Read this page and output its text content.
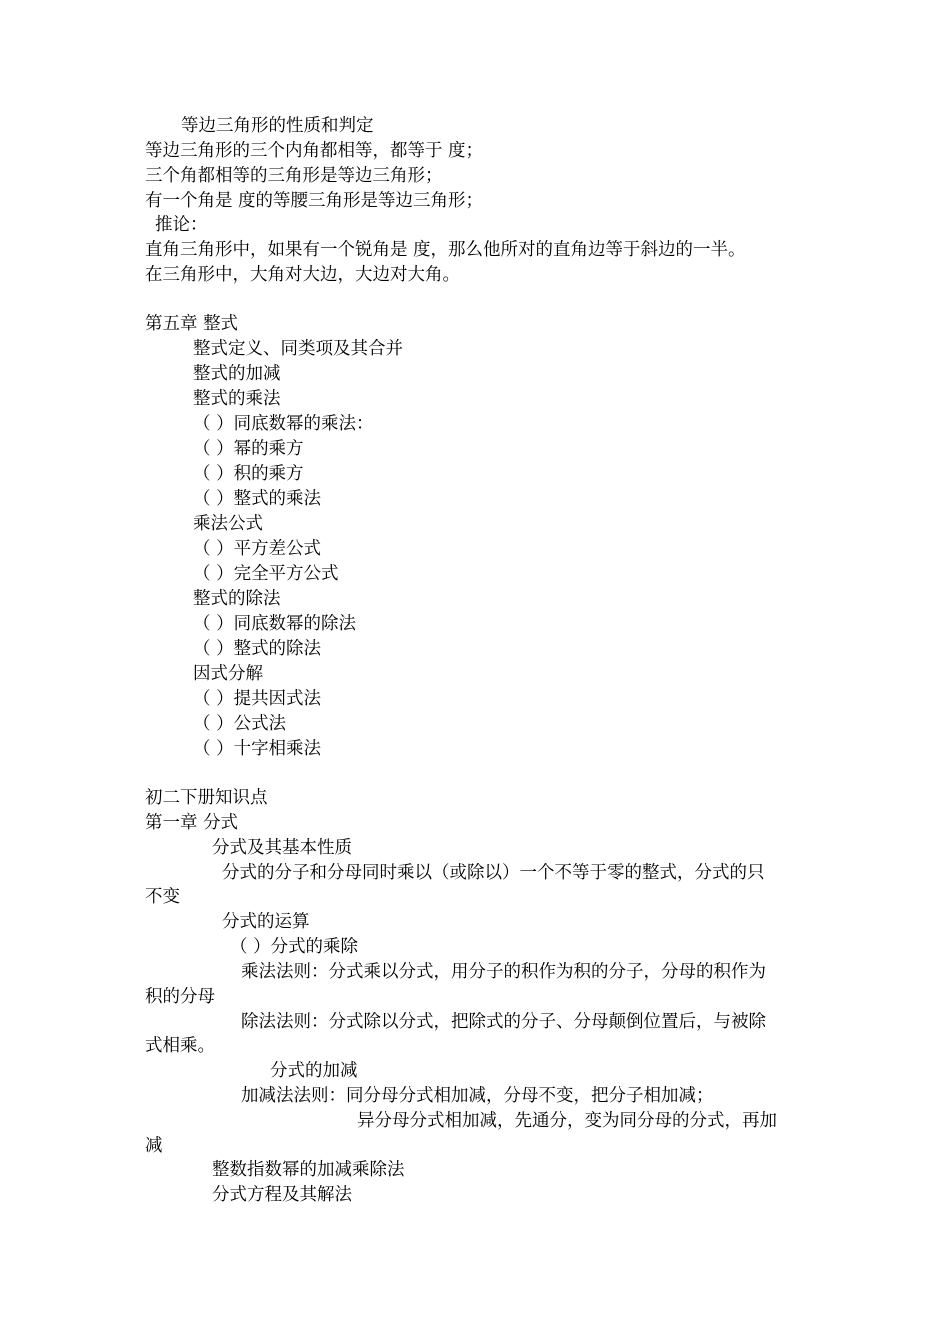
等边三角形的性质和判定
等边三角形的三个内角都相等，都等于 度；
三个角都相等的三角形是等边三角形；
有一个角是 度的等腰三角形是等边三角形；
推论：
直角三角形中，如果有一个锐角是 度，那么他所对的直角边等于斜边的一半。
在三角形中，大角对大边，大边对大角。
第五章 整式
整式定义、同类项及其合并
整式的加减
整式的乘法
（ ）同底数幂的乘法：
（ ）幂的乘方
（ ）积的乘方
（ ）整式的乘法
乘法公式
（ ）平方差公式
（ ）完全平方公式
整式的除法
（ ）同底数幂的除法
（ ）整式的除法
因式分解
（ ）提共因式法
（ ）公式法
（ ）十字相乘法
初二下册知识点
第一章 分式
分式及其基本性质
分式的分子和分母同时乘以（或除以）一个不等于零的整式，分式的只
不变
分式的运算
（ ）分式的乘除
乘法法则：分式乘以分式，用分子的积作为积的分子，分母的积作为
积的分母
除法法则：分式除以分式，把除式的分子、分母颠倒位置后，与被除
式相乘。
分式的加减
加减法法则：同分母分式相加减，分母不变，把分子相加减；
异分母分式相加减，先通分，变为同分母的分式，再加
减
整数指数幂的加减乘除法
分式方程及其解法
